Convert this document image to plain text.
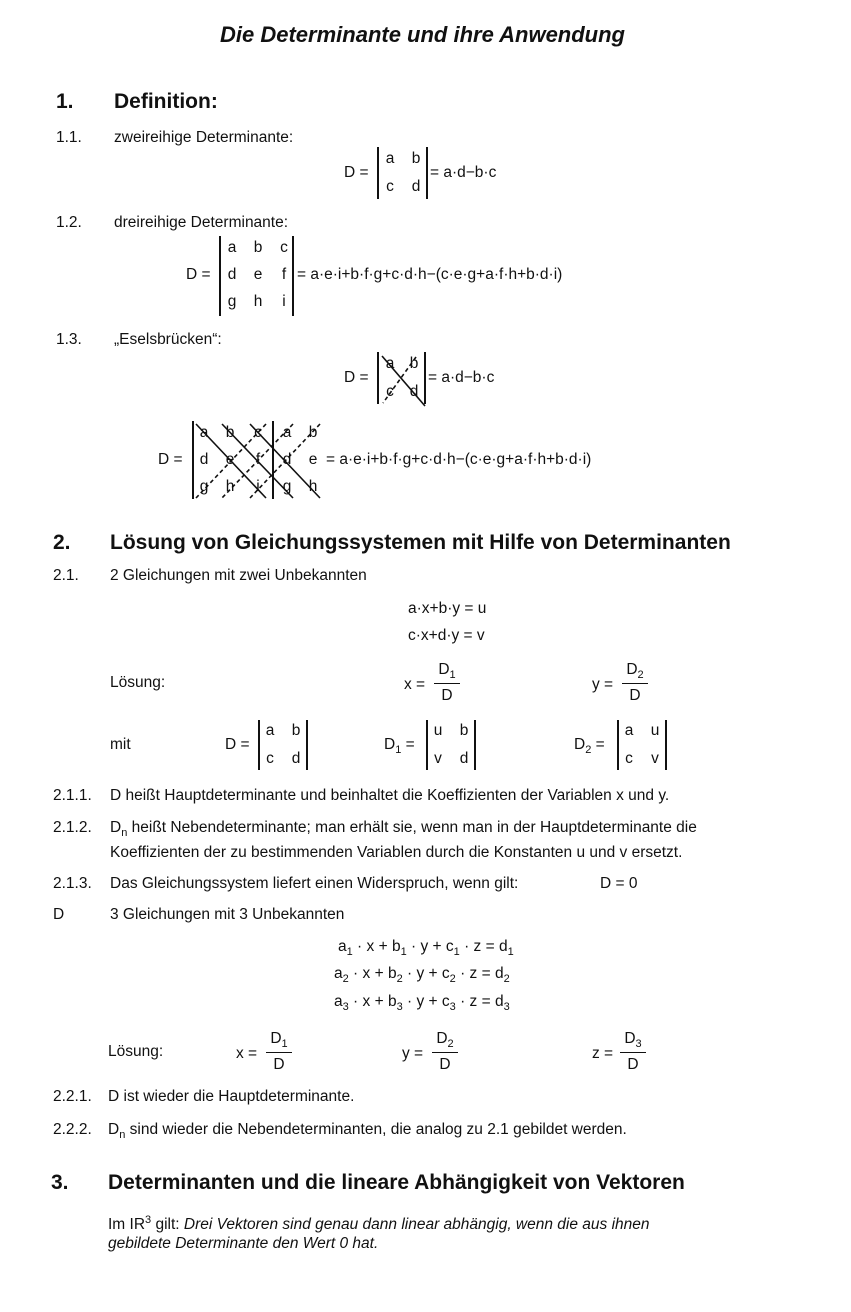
Die Determinante und ihre Anwendung
1. Definition:
1.1. zweireihige Determinante:
D =
a b
c d
= a·d−b·c
1.2. dreireihige Determinante:
D =
a b c
d e	f
g h	i
= a·e·i+b·f·g+c·d·h−(c·e·g+a·f·h+b·d·i)
1.3. „Eselsbrücken“:
D =
a b
c d
= a·d−b·c
D =
a b c a b
d e	f	d e
g h	i	g h
= a·e·i+b·f·g+c·d·h−(c·e·g+a·f·h+b·d·i)
2. Lösung von Gleichungssystemen mit Hilfe von Determinanten
2.1. 2 Gleichungen mit zwei Unbekannten
a·x+b·y = u
c·x+d·y = v
Lösung:	x =
$D_1$
D
y =
$D_2$
D
mit	D =
a b
c d
$D_1$ =
u b
v d
$D_2$ =
a u
c v
2.1.1. D heißt Hauptdeterminante und beinhaltet die Koeffizienten der Variablen x und y.
2.1.2. $D_n$ heißt Nebendeterminante; man erhält sie, wenn man in der Hauptdeterminante die
Koeffizienten der zu bestimmenden Variablen durch die Konstanten u und v ersetzt.
2.1.3. Das Gleichungssystem liefert einen Widerspruch, wenn gilt:	D = 0
D	3 Gleichungen mit 3 Unbekannten
$a_1 \cdot x + b_1 \cdot y + c_1 \cdot z = d_1$
$a_2 \cdot x + b_2 \cdot y + c_2 \cdot z = d_2$
$a_3 \cdot x + b_3 \cdot y + c_3 \cdot z = d_3$
Lösung:	x =
$D_1$
D
y =
$D_2$
D
z =
$D_3$
D
2.2.1. D ist wieder die Hauptdeterminante.
2.2.2. $D_n$ sind wieder die Nebendeterminanten, die analog zu 2.1 gebildet werden.
3. Determinanten und die lineare Abhängigkeit von Vektoren
Im $IR^3$ gilt: Drei Vektoren sind genau dann linear abhängig, wenn die aus ihnen
gebildete Determinante den Wert 0 hat.
